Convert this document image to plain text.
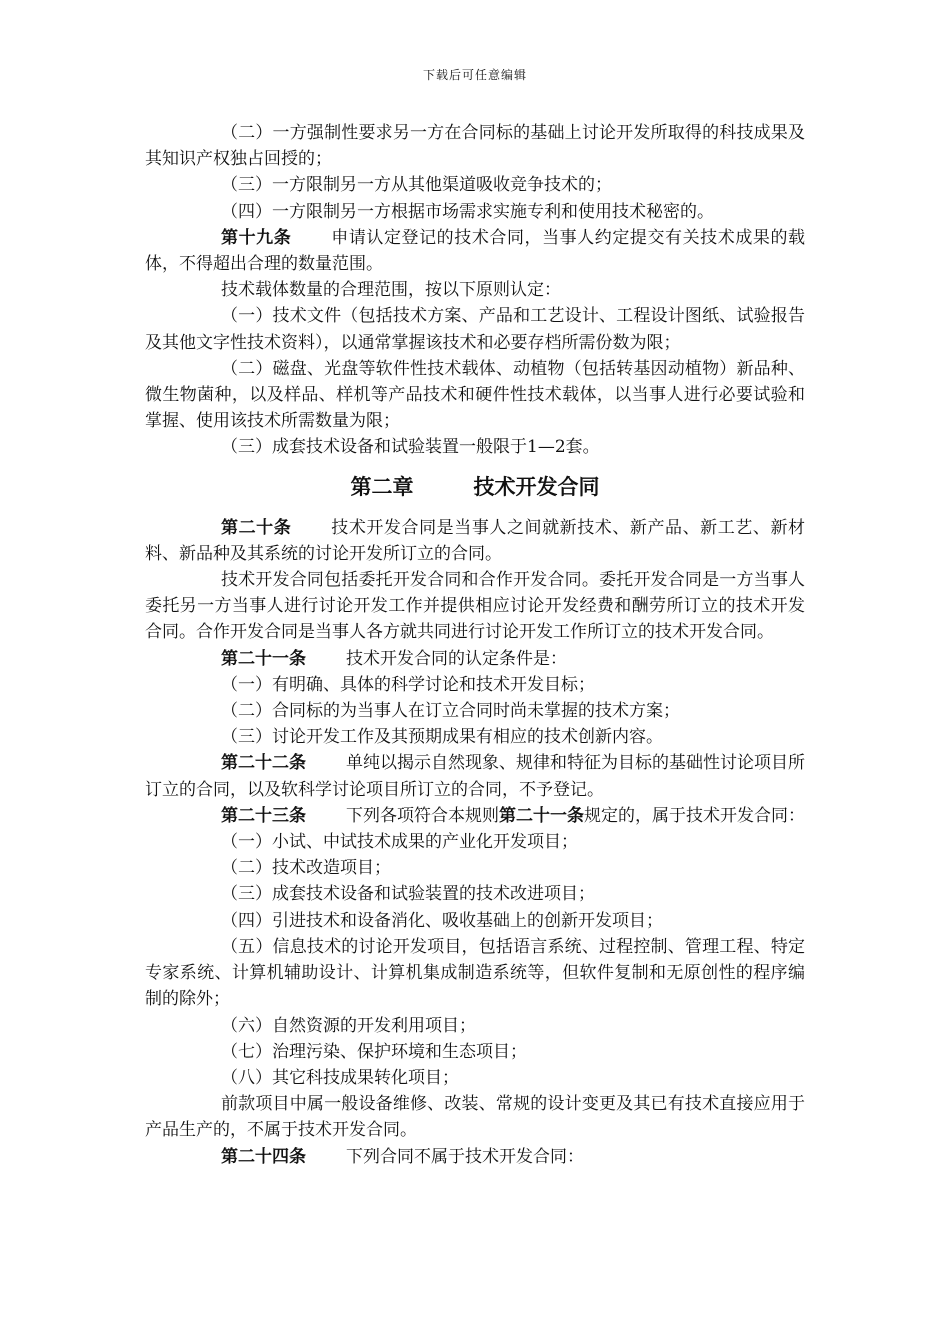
下载后可任意编辑

（二）一方强制性要求另一方在合同标的基础上讨论开发所取得的科技成果及其知识产权独占回授的；

（三）一方限制另一方从其他渠道吸收竞争技术的；

（四）一方限制另一方根据市场需求实施专利和使用技术秘密的。

第十九条 申请认定登记的技术合同，当事人约定提交有关技术成果的载体，不得超出合理的数量范围。

技术载体数量的合理范围，按以下原则认定：

（一）技术文件（包括技术方案、产品和工艺设计、工程设计图纸、试验报告及其他文字性技术资料），以通常掌握该技术和必要存档所需份数为限；

（二）磁盘、光盘等软件性技术载体、动植物（包括转基因动植物）新品种、微生物菌种，以及样品、样机等产品技术和硬件性技术载体，以当事人进行必要试验和掌握、使用该技术所需数量为限；

（三）成套技术设备和试验装置一般限于1—2套。

第二章	技术开发合同

第二十条 技术开发合同是当事人之间就新技术、新产品、新工艺、新材料、新品种及其系统的讨论开发所订立的合同。

技术开发合同包括委托开发合同和合作开发合同。委托开发合同是一方当事人委托另一方当事人进行讨论开发工作并提供相应讨论开发经费和酬劳所订立的技术开发合同。合作开发合同是当事人各方就共同进行讨论开发工作所订立的技术开发合同。

第二十一条 技术开发合同的认定条件是：

（一）有明确、具体的科学讨论和技术开发目标；

（二）合同标的为当事人在订立合同时尚未掌握的技术方案；

（三）讨论开发工作及其预期成果有相应的技术创新内容。

第二十二条 单纯以揭示自然现象、规律和特征为目标的基础性讨论项目所订立的合同，以及软科学讨论项目所订立的合同，不予登记。

第二十三条 下列各项符合本规则第二十一条规定的，属于技术开发合同：

（一）小试、中试技术成果的产业化开发项目；

（二）技术改造项目；

（三）成套技术设备和试验装置的技术改进项目；

（四）引进技术和设备消化、吸收基础上的创新开发项目；

（五）信息技术的讨论开发项目，包括语言系统、过程控制、管理工程、特定专家系统、计算机辅助设计、计算机集成制造系统等，但软件复制和无原创性的程序编制的除外；

（六）自然资源的开发利用项目；

（七）治理污染、保护环境和生态项目；

（八）其它科技成果转化项目；

前款项目中属一般设备维修、改装、常规的设计变更及其已有技术直接应用于产品生产的，不属于技术开发合同。

第二十四条 下列合同不属于技术开发合同：
